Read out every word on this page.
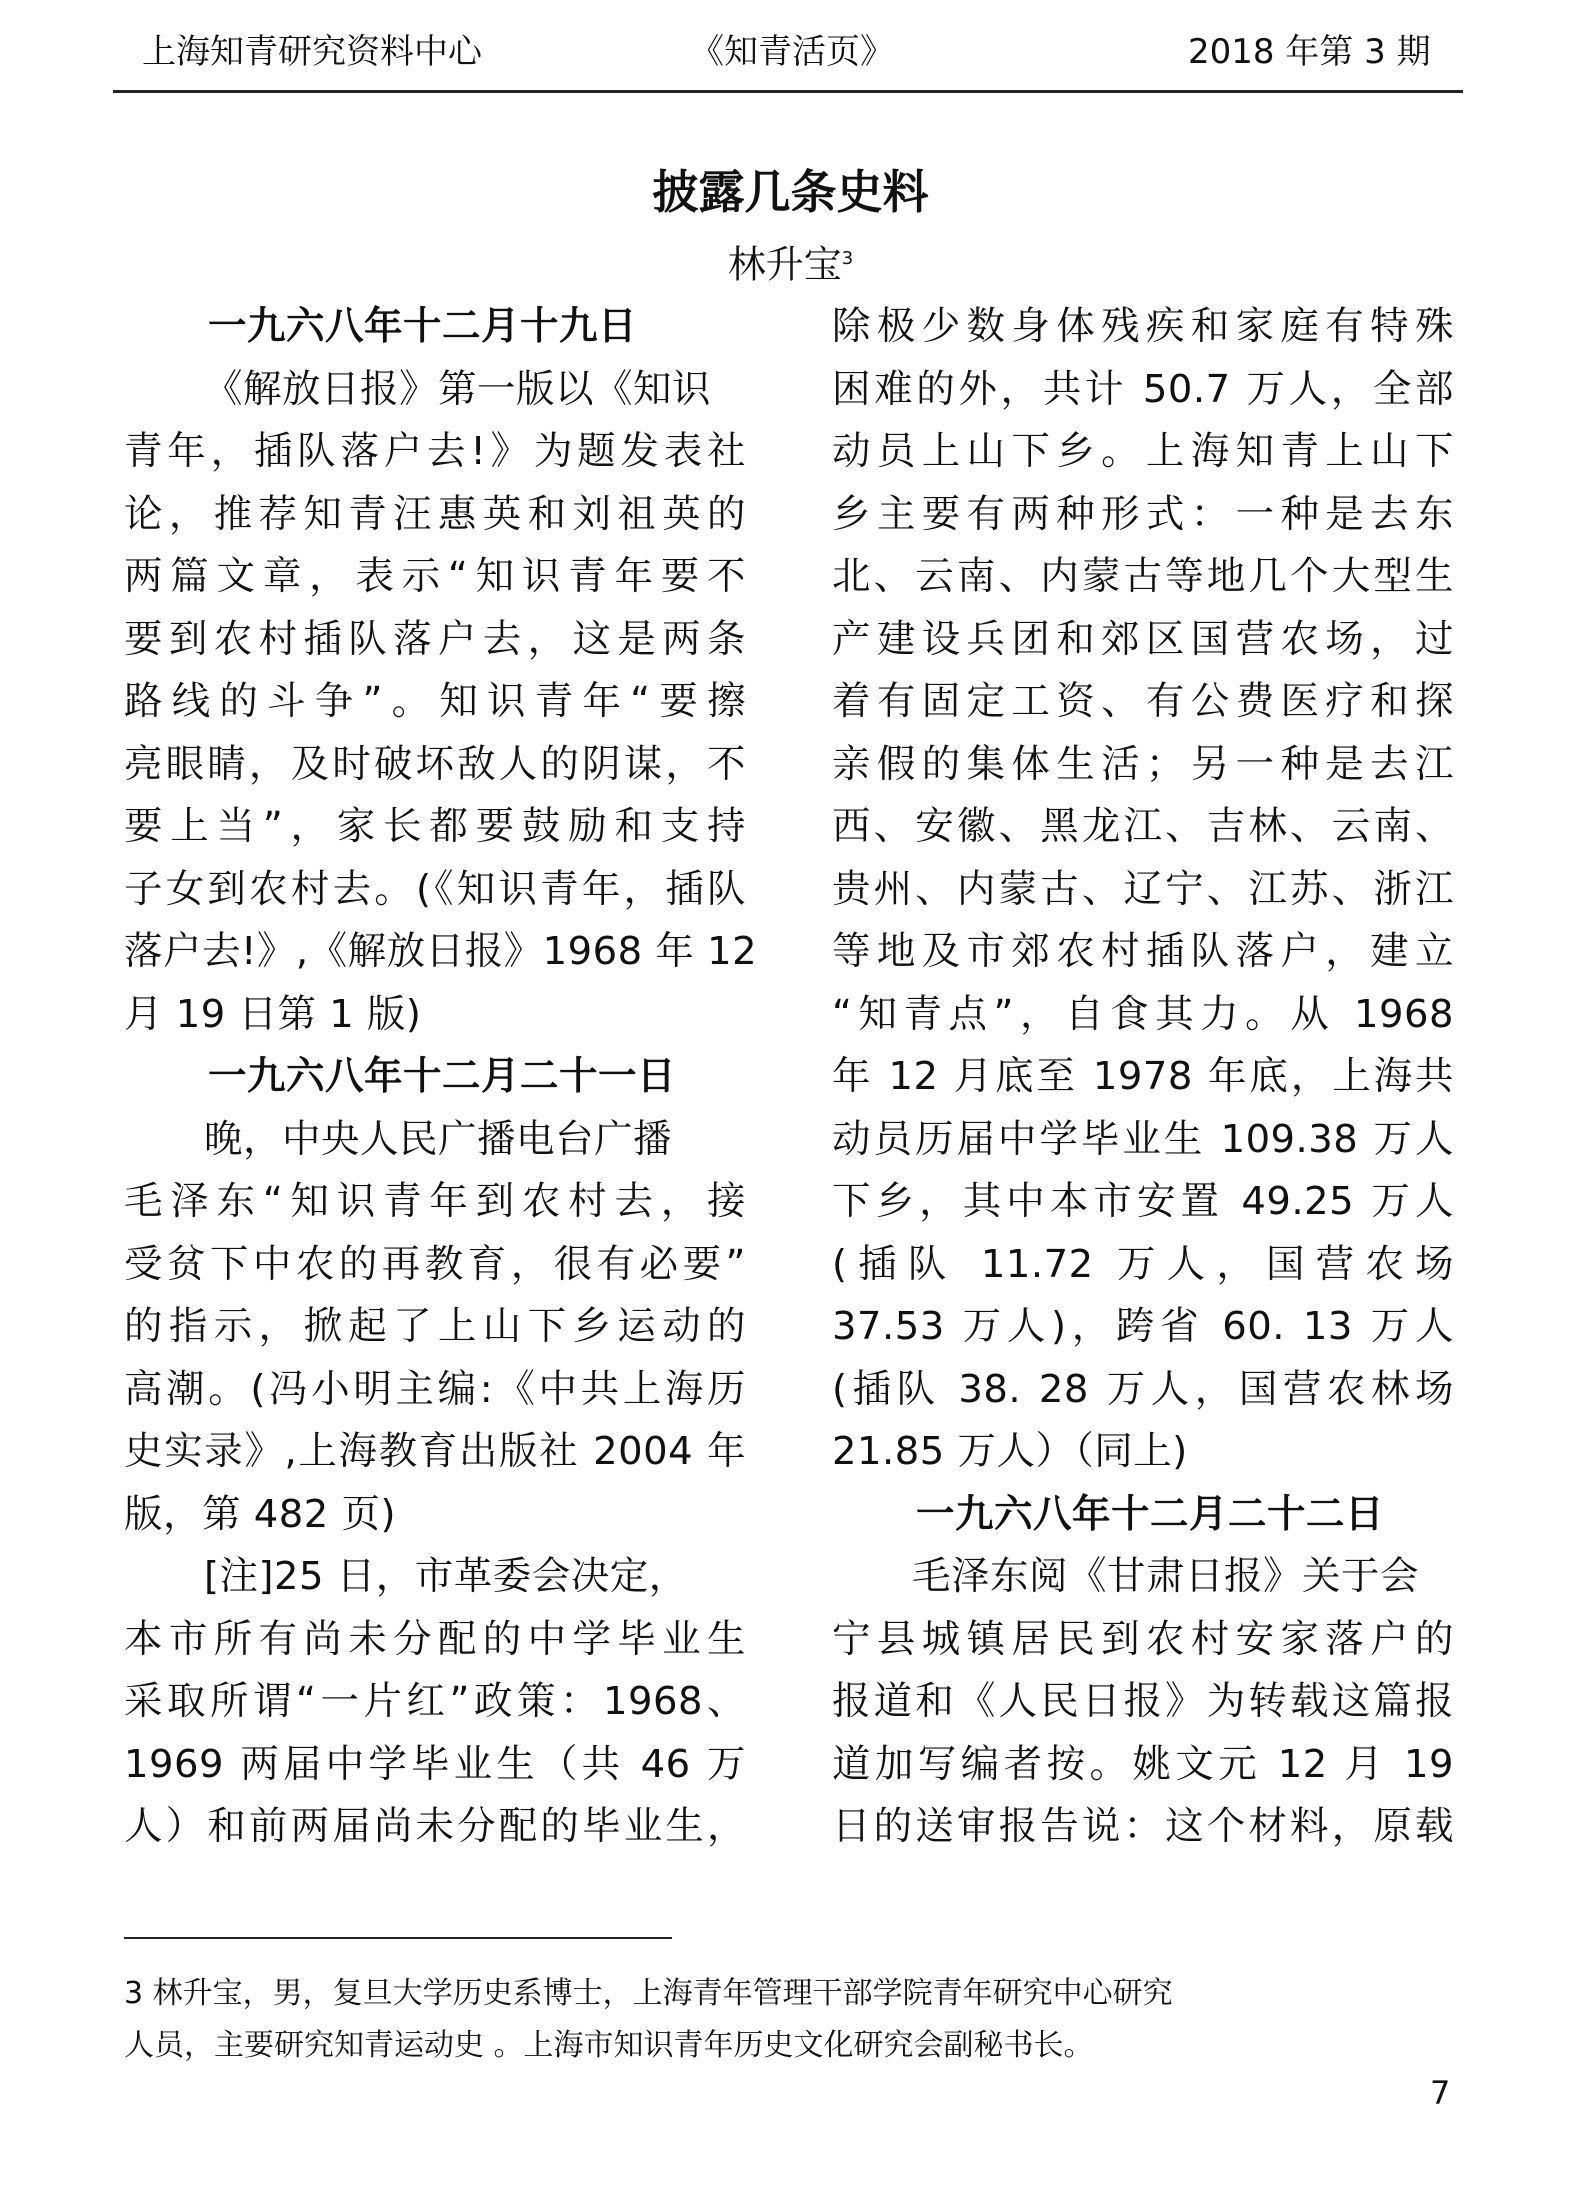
上海知青研究资料中心	《知青活页》	2018 年第 3 期
披露几条史料
林升宝$^3$
一九六八年十二月十九日
《解放日报》第一版以《知识
青年，插队落户去!》为题发表社
论，推荐知青汪惠英和刘祖英的
两篇文章，表示“知识青年要不
要到农村插队落户去，这是两条
路线的斗争”。知识青年“要擦
亮眼睛，及时破坏敌人的阴谋，不
要上当”，家长都要鼓励和支持
子女到农村去。(《知识青年，插队
落户去!》,《解放日报》1968 年 12
月 19 日第 1 版)
一九六八年十二月二十一日
晚，中央人民广播电台广播
毛泽东“知识青年到农村去，接
受贫下中农的再教育，很有必要”
的指示，掀起了上山下乡运动的
高潮。(冯小明主编:《中共上海历
史实录》,上海教育出版社 2004 年
版，第 482 页)
[注]25 日，市革委会决定，
本市所有尚未分配的中学毕业生
采取所谓“一片红”政策：1968、
1969 两届中学毕业生（共 46 万
人）和前两届尚未分配的毕业生，
除极少数身体残疾和家庭有特殊
困难的外，共计 50.7 万人，全部
动员上山下乡。上海知青上山下
乡主要有两种形式：一种是去东
北、云南、内蒙古等地几个大型生
产建设兵团和郊区国营农场，过
着有固定工资、有公费医疗和探
亲假的集体生活；另一种是去江
西、安徽、黑龙江、吉林、云南、
贵州、内蒙古、辽宁、江苏、浙江
等地及市郊农村插队落户，建立
“知青点”，自食其力。从 1968
年 12 月底至 1978 年底，上海共
动员历届中学毕业生 109.38 万人
下乡，其中本市安置 49.25 万人
(插队 11.72 万人，国营农场
37.53 万人)，跨省 60. 13 万人
(插队 38. 28 万人，国营农林场
21.85 万人）（同上)
一九六八年十二月二十二日
毛泽东阅《甘肃日报》关于会
宁县城镇居民到农村安家落户的
报道和《人民日报》为转载这篇报
道加写编者按。姚文元 12 月 19
日的送审报告说：这个材料，原载
3 林升宝，男，复旦大学历史系博士，上海青年管理干部学院青年研究中心研究
人员，主要研究知青运动史 。上海市知识青年历史文化研究会副秘书长。
7
